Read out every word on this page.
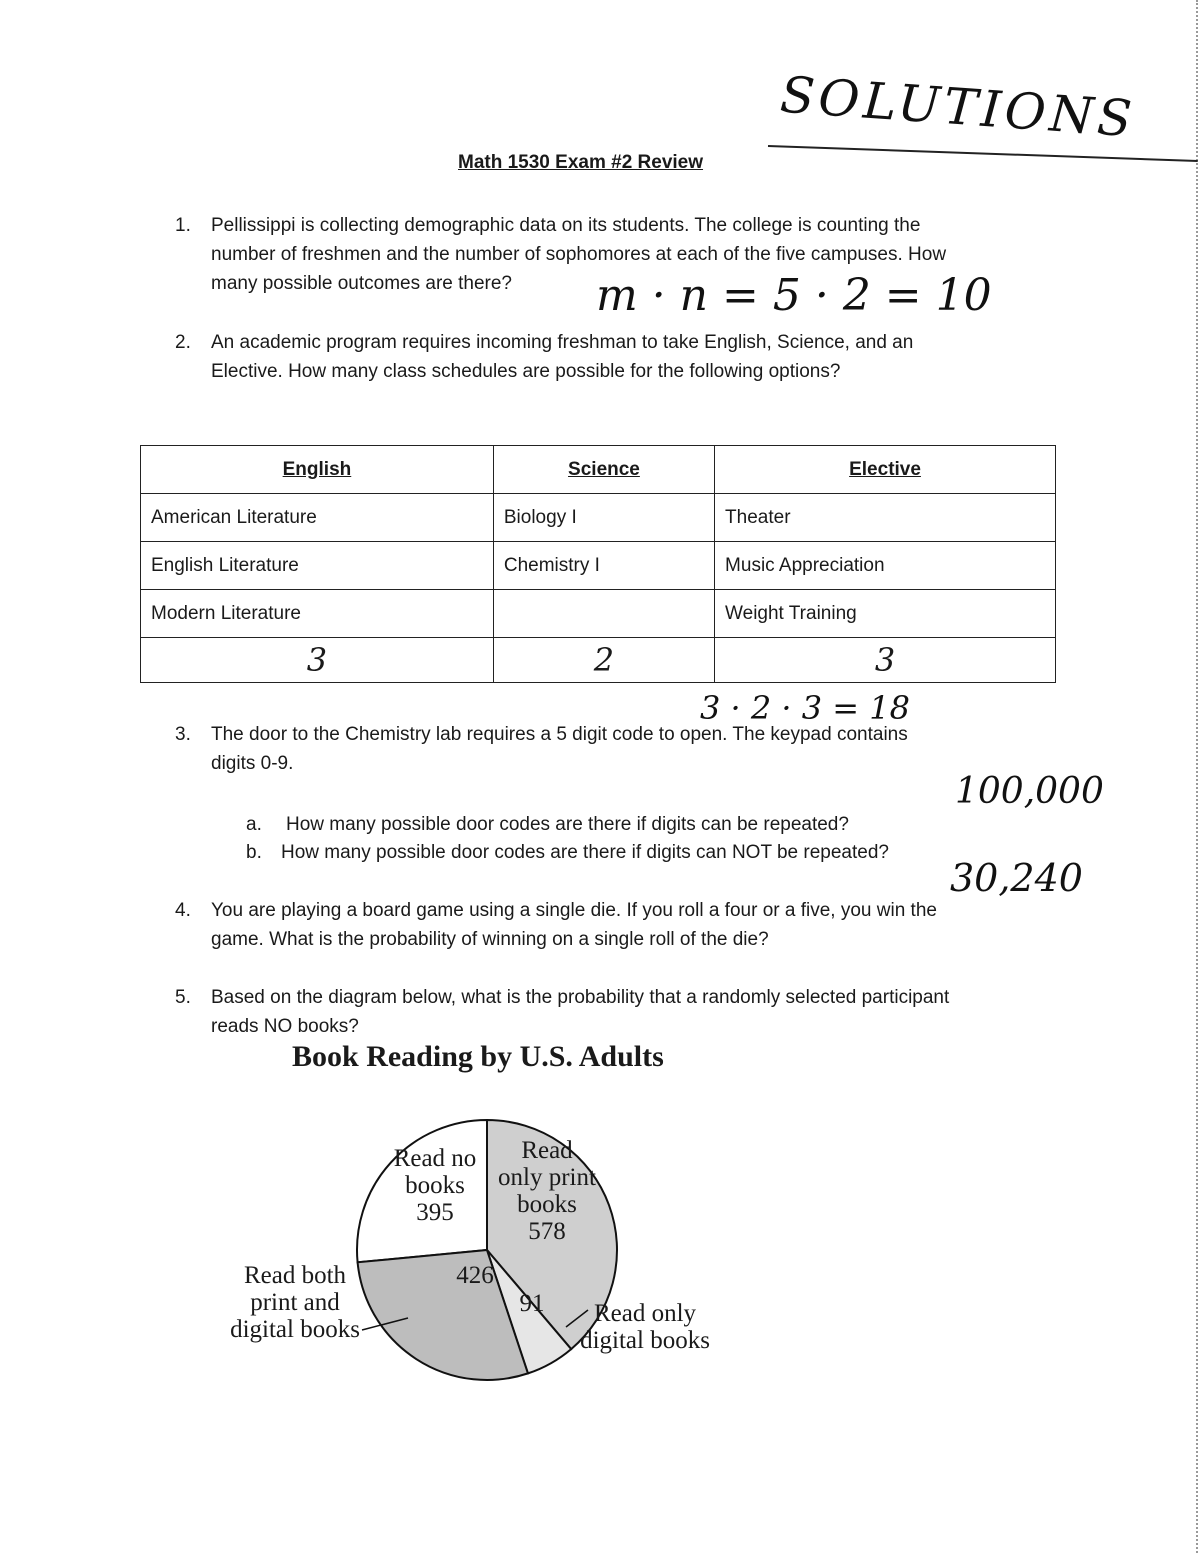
SOLUTIONS
Math 1530 Exam #2 Review
1. Pellissippi is collecting demographic data on its students. The college is counting the
number of freshmen and the number of sophomores at each of the five campuses. How
many possible outcomes are there?	m · n = 5 · 2 = 10
2. An academic program requires incoming freshman to take English, Science, and an
Elective. How many class schedules are possible for the following options?
English	Science	Elective
American Literature	Biology I	Theater
English Literature	Chemistry I	Music Appreciation
Modern Literature		Weight Training
3	2	3
3 · 2 · 3 = 18
3. The door to the Chemistry lab requires a 5 digit code to open. The keypad contains
digits 0-9.
100,000
a. How many possible door codes are there if digits can be repeated?
b. How many possible door codes are there if digits can NOT be repeated?
30,240
4. You are playing a board game using a single die. If you roll a four or a five, you win the
game. What is the probability of winning on a single roll of the die?
5. Based on the diagram below, what is the probability that a randomly selected participant
reads NO books?
Book Reading by U.S. Adults
Read no
books
395
Read
only print
books
578
426
91
Read both
print and
digital books
Read only
digital books
